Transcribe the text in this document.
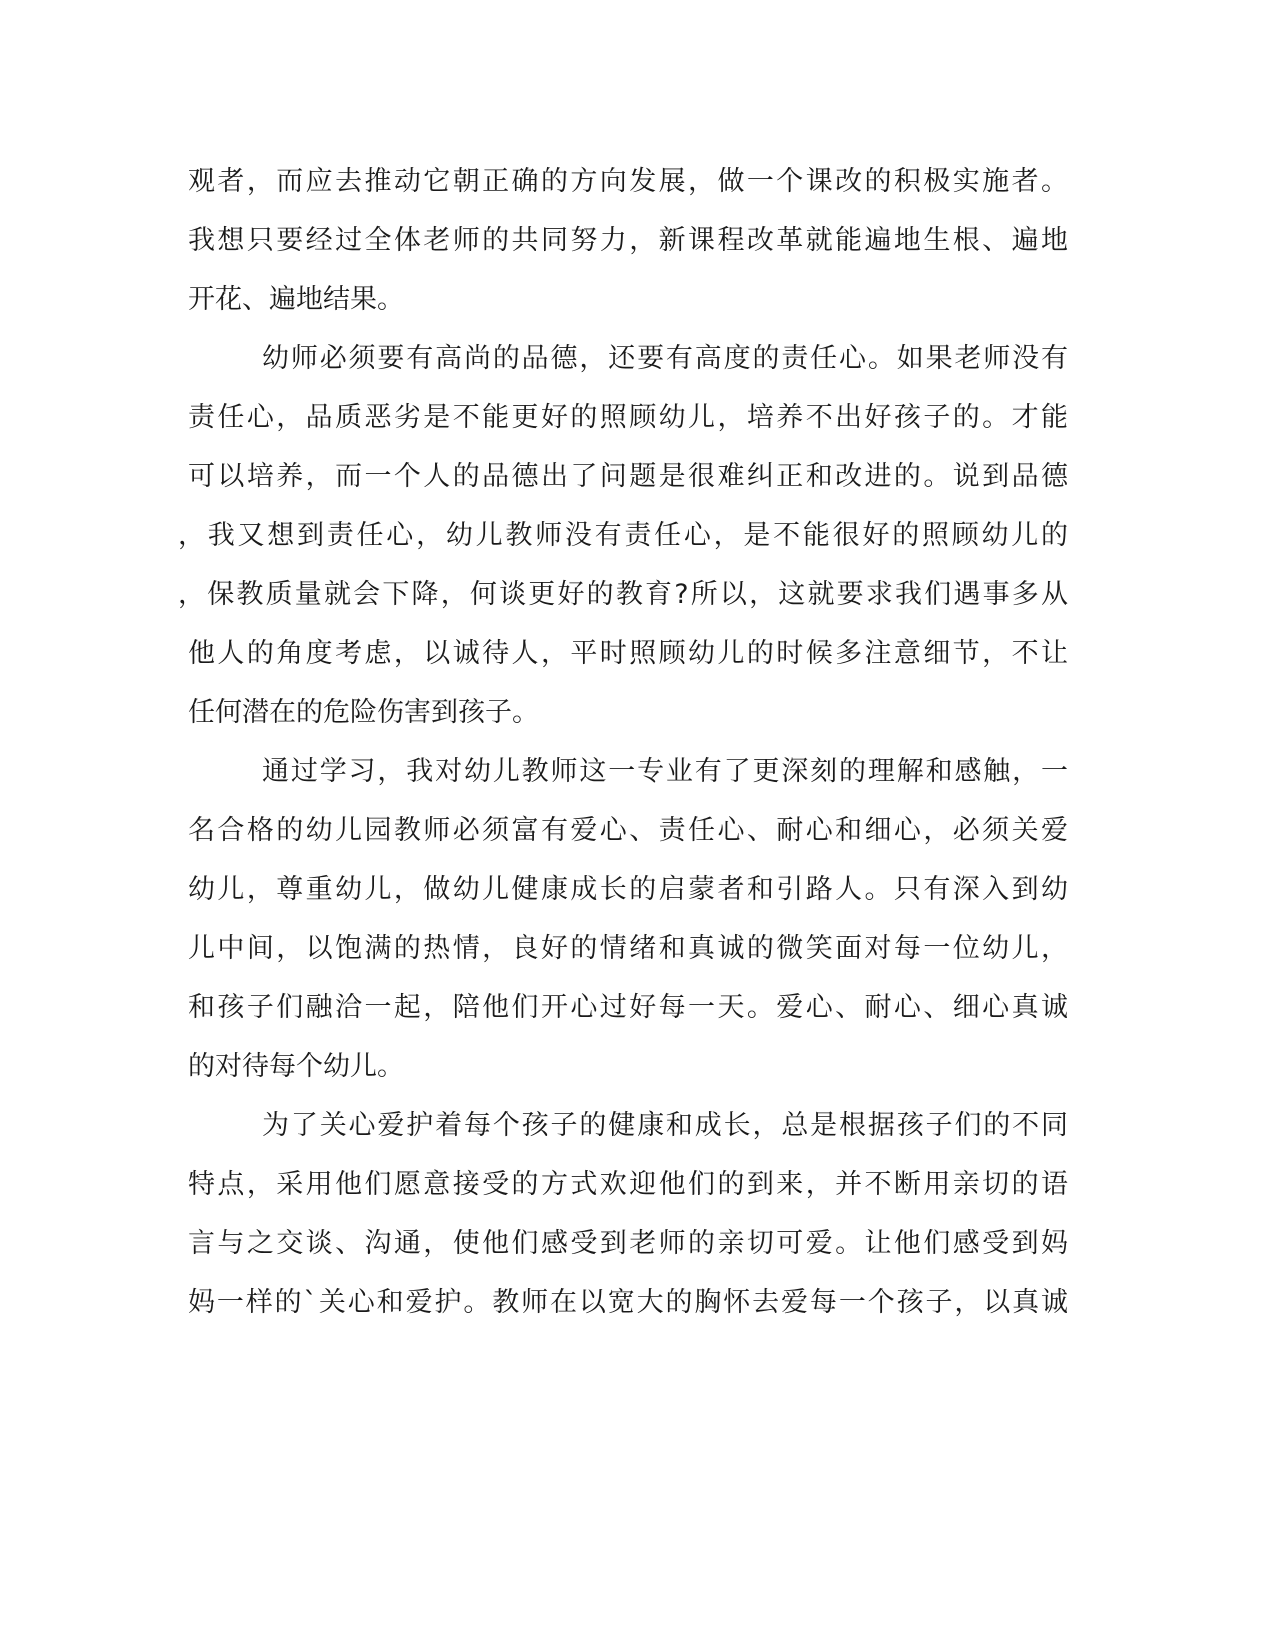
观者，而应去推动它朝正确的方向发展，做一个课改的积极实施者。
我想只要经过全体老师的共同努力，新课程改革就能遍地生根、遍地
开花、遍地结果。
幼师必须要有高尚的品德，还要有高度的责任心。如果老师没有
责任心，品质恶劣是不能更好的照顾幼儿，培养不出好孩子的。才能
可以培养，而一个人的品德出了问题是很难纠正和改进的。说到品德
，我又想到责任心，幼儿教师没有责任心，是不能很好的照顾幼儿的
，保教质量就会下降，何谈更好的教育?所以，这就要求我们遇事多从
他人的角度考虑，以诚待人，平时照顾幼儿的时候多注意细节，不让
任何潜在的危险伤害到孩子。
通过学习，我对幼儿教师这一专业有了更深刻的理解和感触，一
名合格的幼儿园教师必须富有爱心、责任心、耐心和细心，必须关爱
幼儿，尊重幼儿，做幼儿健康成长的启蒙者和引路人。只有深入到幼
儿中间，以饱满的热情，良好的情绪和真诚的微笑面对每一位幼儿，
和孩子们融洽一起，陪他们开心过好每一天。爱心、耐心、细心真诚
的对待每个幼儿。
为了关心爱护着每个孩子的健康和成长，总是根据孩子们的不同
特点，采用他们愿意接受的方式欢迎他们的到来，并不断用亲切的语
言与之交谈、沟通，使他们感受到老师的亲切可爱。让他们感受到妈
妈一样的`关心和爱护。教师在以宽大的胸怀去爱每一个孩子，以真诚
